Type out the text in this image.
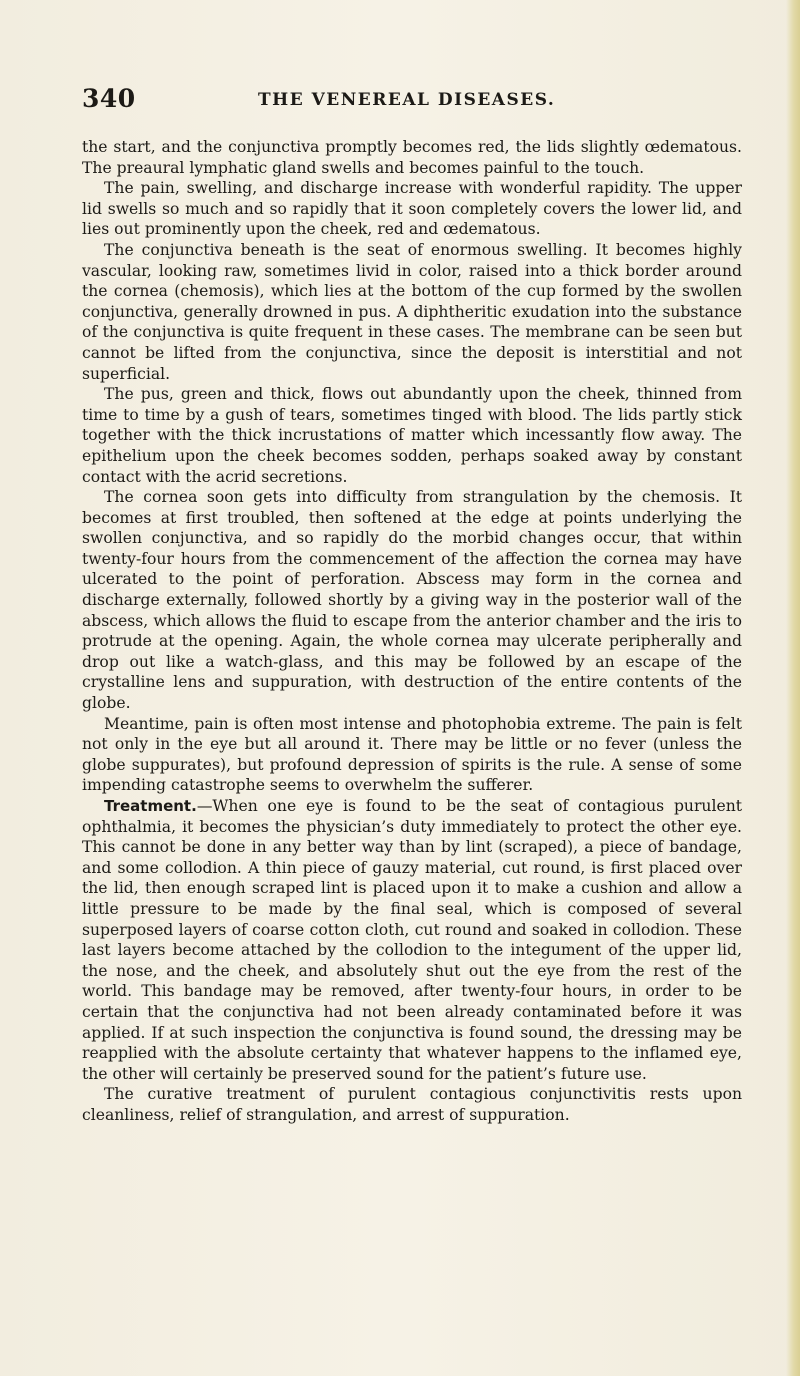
340	THE VENEREAL DISEASES.

the start, and the conjunctiva promptly becomes red, the lids slightly œdematous. The preaural lymphatic gland swells and becomes painful to the touch.

The pain, swelling, and discharge increase with wonderful rapidity. The upper lid swells so much and so rapidly that it soon completely covers the lower lid, and lies out prominently upon the cheek, red and œdematous.

The conjunctiva beneath is the seat of enormous swelling. It becomes highly vascular, looking raw, sometimes livid in color, raised into a thick border around the cornea (chemosis), which lies at the bottom of the cup formed by the swollen conjunctiva, generally drowned in pus. A diphtheritic exudation into the substance of the conjunctiva is quite frequent in these cases. The membrane can be seen but cannot be lifted from the conjunctiva, since the deposit is interstitial and not superficial.

The pus, green and thick, flows out abundantly upon the cheek, thinned from time to time by a gush of tears, sometimes tinged with blood. The lids partly stick together with the thick incrustations of matter which incessantly flow away. The epithelium upon the cheek becomes sodden, perhaps soaked away by constant contact with the acrid secretions.

The cornea soon gets into difficulty from strangulation by the chemosis. It becomes at first troubled, then softened at the edge at points underlying the swollen conjunctiva, and so rapidly do the morbid changes occur, that within twenty-four hours from the commencement of the affection the cornea may have ulcerated to the point of perforation. Abscess may form in the cornea and discharge externally, followed shortly by a giving way in the posterior wall of the abscess, which allows the fluid to escape from the anterior chamber and the iris to protrude at the opening. Again, the whole cornea may ulcerate peripherally and drop out like a watch-glass, and this may be followed by an escape of the crystalline lens and suppuration, with destruction of the entire contents of the globe.

Meantime, pain is often most intense and photophobia extreme. The pain is felt not only in the eye but all around it. There may be little or no fever (unless the globe suppurates), but profound depression of spirits is the rule. A sense of some impending catastrophe seems to overwhelm the sufferer.

Treatment.—When one eye is found to be the seat of contagious purulent ophthalmia, it becomes the physician’s duty immediately to protect the other eye. This cannot be done in any better way than by lint (scraped), a piece of bandage, and some collodion. A thin piece of gauzy material, cut round, is first placed over the lid, then enough scraped lint is placed upon it to make a cushion and allow a little pressure to be made by the final seal, which is composed of several superposed layers of coarse cotton cloth, cut round and soaked in collodion. These last layers become attached by the collodion to the integument of the upper lid, the nose, and the cheek, and absolutely shut out the eye from the rest of the world. This bandage may be removed, after twenty-four hours, in order to be certain that the conjunctiva had not been already contaminated before it was applied. If at such inspection the conjunctiva is found sound, the dressing may be reapplied with the absolute certainty that whatever happens to the inflamed eye, the other will certainly be preserved sound for the patient’s future use.

The curative treatment of purulent contagious conjunctivitis rests upon cleanliness, relief of strangulation, and arrest of suppuration.
